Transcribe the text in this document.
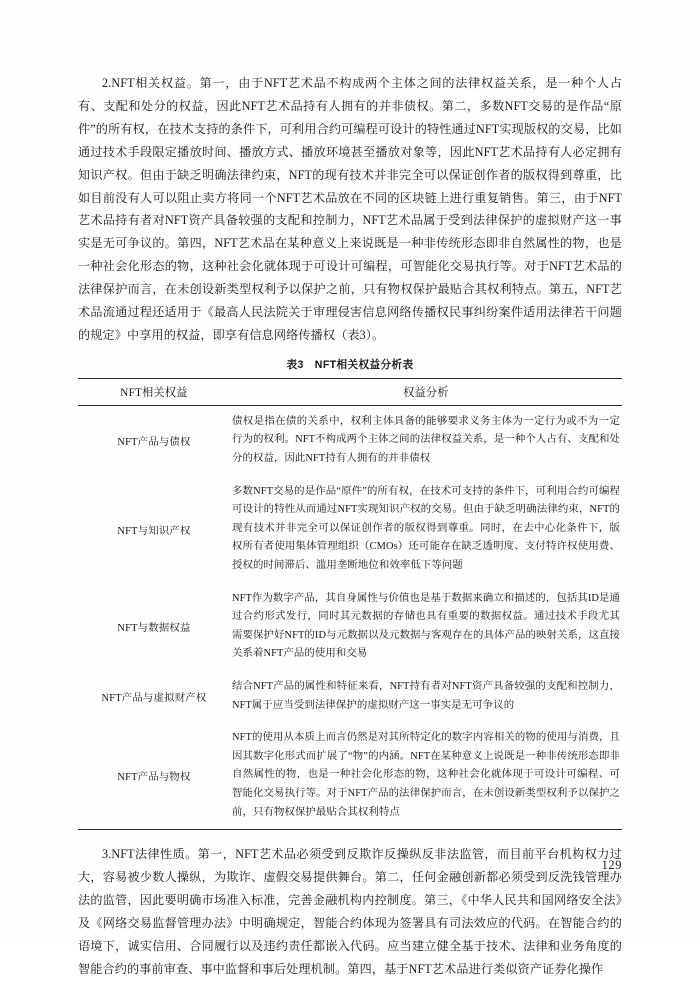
2.NFT相关权益。第一，由于NFT艺术品不构成两个主体之间的法律权益关系，是一种个人占有、支配和处分的权益，因此NFT艺术品持有人拥有的并非债权。第二，多数NFT交易的是作品“原件”的所有权，在技术支持的条件下，可利用合约可编程可设计的特性通过NFT实现版权的交易，比如通过技术手段限定播放时间、播放方式、播放环境甚至播放对象等，因此NFT艺术品持有人必定拥有知识产权。但由于缺乏明确法律约束，NFT的现有技术并非完全可以保证创作者的版权得到尊重，比如目前没有人可以阻止卖方将同一个NFT艺术品放在不同的区块链上进行重复销售。第三，由于NFT艺术品持有者对NFT资产具备较强的支配和控制力，NFT艺术品属于受到法律保护的虚拟财产这一事实是无可争议的。第四，NFT艺术品在某种意义上来说既是一种非传统形态即非自然属性的物，也是一种社会化形态的物，这种社会化就体现于可设计可编程，可智能化交易执行等。对于NFT艺术品的法律保护而言，在未创设新类型权利予以保护之前，只有物权保护最贴合其权利特点。第五，NFT艺术品流通过程还适用于《最高人民法院关于审理侵害信息网络传播权民事纠纷案件适用法律若干问题的规定》中享用的权益，即享有信息网络传播权（表3）。

表3　NFT相关权益分析表
NFT相关权益	权益分析
NFT产品与债权	债权是指在债的关系中，权利主体具备的能够要求义务主体为一定行为或不为一定行为的权利。NFT不构成两个主体之间的法律权益关系，是一种个人占有、支配和处分的权益，因此NFT持有人拥有的并非债权
NFT与知识产权	多数NFT交易的是作品“原件”的所有权，在技术可支持的条件下，可利用合约可编程可设计的特性从而通过NFT实现知识产权的交易。但由于缺乏明确法律约束，NFT的现有技术并非完全可以保证创作者的版权得到尊重。同时，在去中心化条件下，版权所有者使用集体管理组织（CMOs）还可能存在缺乏透明度、支付特许权使用费、授权的时间滞后、滥用垄断地位和效率低下等问题
NFT与数据权益	NFT作为数字产品，其自身属性与价值也是基于数据来确立和描述的，包括其ID是通过合约形式发行，同时其元数据的存储也具有重要的数据权益。通过技术手段尤其需要保护好NFT的ID与元数据以及元数据与客观存在的具体产品的映射关系，这直接关系着NFT产品的使用和交易
NFT产品与虚拟财产权	结合NFT产品的属性和特征来看，NFT持有者对NFT资产具备较强的支配和控制力，NFT属于应当受到法律保护的虚拟财产这一事实是无可争议的
NFT产品与物权	NFT的使用从本质上而言仍然是对其所特定化的数字内容相关的物的使用与消费，且因其数字化形式而扩展了“物”的内涵。NFT在某种意义上说既是一种非传统形态即非自然属性的物，也是一种社会化形态的物，这种社会化就体现于可设计可编程、可智能化交易执行等。对于NFT产品的法律保护而言，在未创设新类型权利予以保护之前，只有物权保护最贴合其权利特点

3.NFT法律性质。第一，NFT艺术品必须受到反欺诈反操纵反非法监管，而目前平台机构权力过大，容易被少数人操纵，为欺诈、虚假交易提供舞台。第二，任何金融创新都必须受到反洗钱管理办法的监管，因此要明确市场准入标准，完善金融机构内控制度。第三，《中华人民共和国网络安全法》及《网络交易监督管理办法》中明确规定，智能合约体现为签署具有司法效应的代码。在智能合约的语境下，诚实信用、合同履行以及违约责任都嵌入代码。应当建立健全基于技术、法律和业务角度的智能合约的事前审查、事中监督和事后处理机制。第四，基于NFT艺术品进行类似资产证券化操作

129
